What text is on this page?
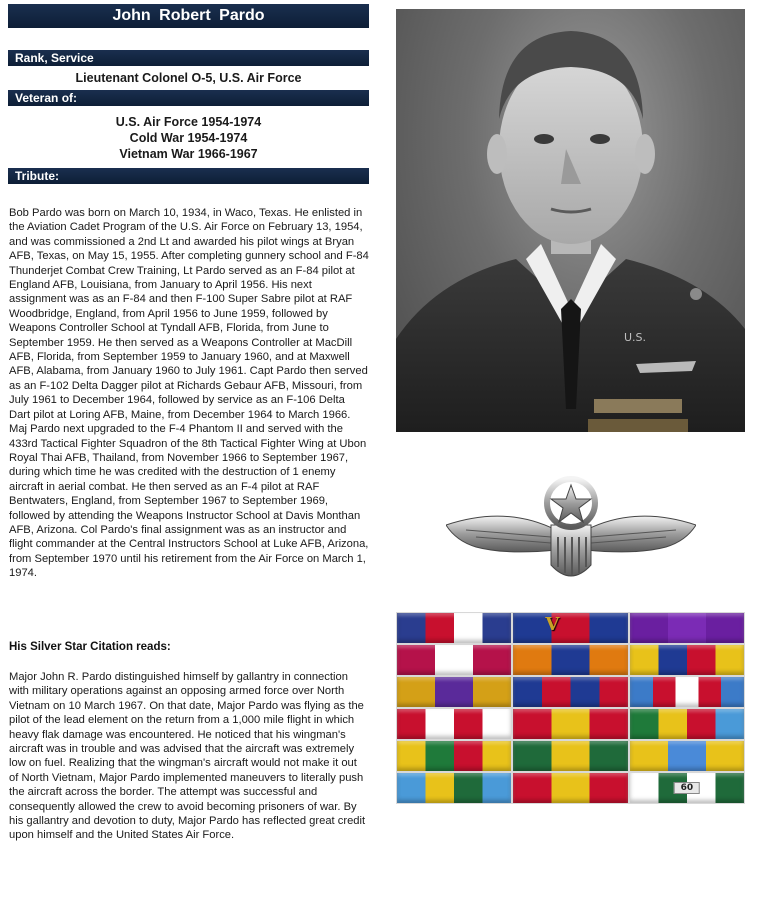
John Robert Pardo
Rank, Service
Lieutenant Colonel O-5, U.S. Air Force
Veteran of:
U.S. Air Force 1954-1974
Cold War 1954-1974
Vietnam War 1966-1967
Tribute:

Bob Pardo was born on March 10, 1934, in Waco, Texas. He enlisted in the Aviation Cadet Program of the U.S. Air Force on February 13, 1954, and was commissioned a 2nd Lt and awarded his pilot wings at Bryan AFB, Texas, on May 15, 1955. After completing gunnery school and F-84 Thunderjet Combat Crew Training, Lt Pardo served as an F-84 pilot at England AFB, Louisiana, from January to April 1956. His next assignment was as an F-84 and then F-100 Super Sabre pilot at RAF Woodbridge, England, from April 1956 to June 1959, followed by Weapons Controller School at Tyndall AFB, Florida, from June to September 1959. He then served as a Weapons Controller at MacDill AFB, Florida, from September 1959 to January 1960, and at Maxwell AFB, Alabama, from January 1960 to July 1961. Capt Pardo then served as an F-102 Delta Dagger pilot at Richards Gebaur AFB, Missouri, from July 1961 to December 1964, followed by service as an F-106 Delta Dart pilot at Loring AFB, Maine, from December 1964 to March 1966. Maj Pardo next upgraded to the F-4 Phantom II and served with the 433rd Tactical Fighter Squadron of the 8th Tactical Fighter Wing at Ubon Royal Thai AFB, Thailand, from November 1966 to September 1967, during which time he was credited with the destruction of 1 enemy aircraft in aerial combat. He then served as an F-4 pilot at RAF Bentwaters, England, from September 1967 to September 1969, followed by attending the Weapons Instructor School at Davis Monthan AFB, Arizona. Col Pardo's final assignment was as an instructor and flight commander at the Central Instructors School at Luke AFB, Arizona, from September 1970 until his retirement from the Air Force on March 1, 1974.

His Silver Star Citation reads:

Major John R. Pardo distinguished himself by gallantry in connection with military operations against an opposing armed force over North Vietnam on 10 March 1967. On that date, Major Pardo was flying as the pilot of the lead element on the return from a 1,000 mile flight in which heavy flak damage was encountered. He noticed that his wingman's aircraft was in trouble and was advised that the aircraft was extremely low on fuel. Realizing that the wingman's aircraft would not make it out of North Vietnam, Major Pardo implemented maneuvers to literally push the aircraft across the border. The attempt was successful and consequently allowed the crew to avoid becoming prisoners of war. By his gallantry and devotion to duty, Major Pardo has reflected great credit upon himself and the United States Air Force.

U.S.
V
60
